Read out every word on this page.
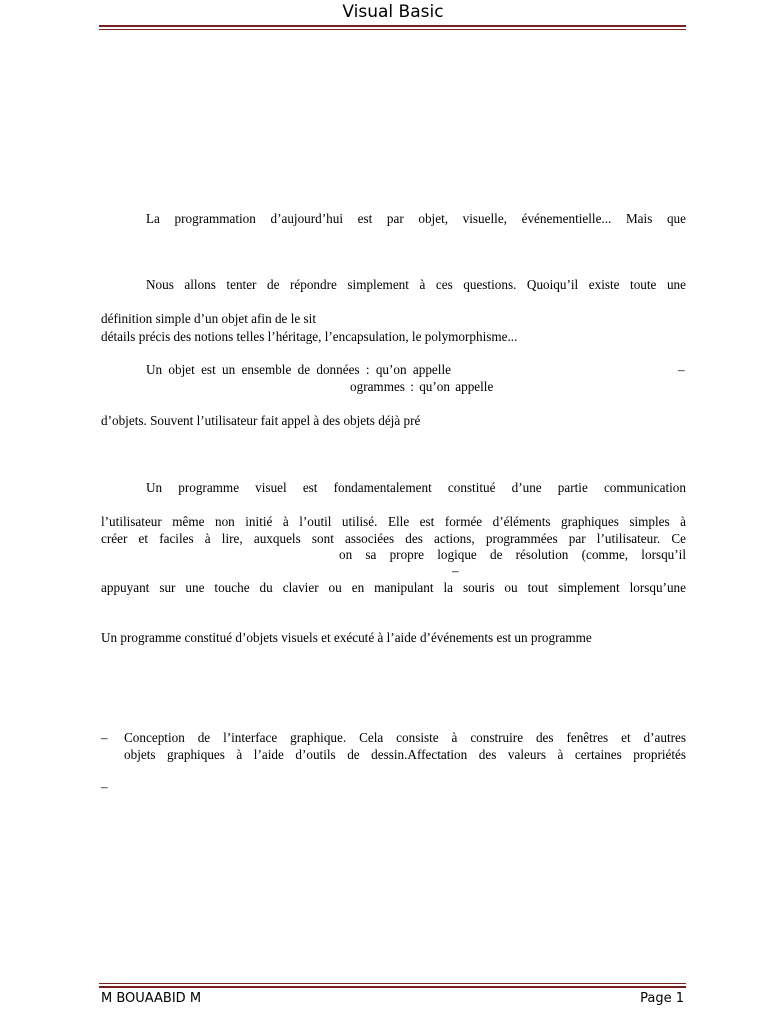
Visual Basic
La programmation d’aujourd’hui est par objet, visuelle, événementielle... Mais que
Nous allons tenter de répondre simplement à ces questions. Quoiqu’il existe toute une
définition simple d’un objet afin de le sit
détails précis des notions telles l’héritage, l’encapsulation, le polymorphisme...
Un objet est un ensemble de données : qu’on appelle	–
ogrammes : qu’on appelle
d’objets. Souvent l’utilisateur fait appel à des objets déjà pré
Un programme visuel est fondamentalement constitué d’une partie communication
l’utilisateur même non initié à l’outil utilisé. Elle est formée d’éléments graphiques simples à
créer et faciles à lire, auxquels sont associées des actions, programmées par l’utilisateur. Ce
on sa propre logique de résolution (comme, lorsqu’il
–
appuyant sur une touche du clavier ou en manipulant la souris ou tout simplement lorsqu’une
Un programme constitué d’objets visuels et exécuté à l’aide d’événements est un programme
– Conception de l’interface graphique. Cela consiste à construire des fenêtres et d’autres
objets graphiques à l’aide d’outils de dessin.Affectation des valeurs à certaines propriétés
–
M BOUAABID M	Page 1
